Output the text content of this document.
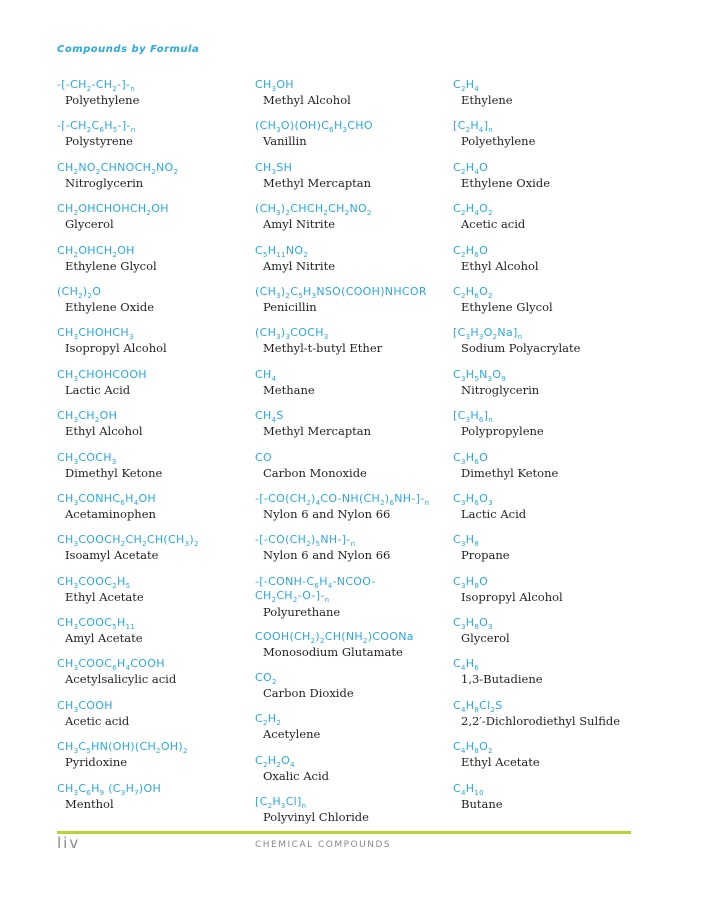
Compounds by Formula
$-[-CH_2-CH_2-]-_n$
Polyethylene
$-[-CH_2C_6H_5-]-_n$
Polystyrene
$CH_2NO_2CHNOCH_2NO_2$
Nitroglycerin
$CH_2OHCHOHCH_2OH$
Glycerol
$CH_2OHCH_2OH$
Ethylene Glycol
$(CH_2)_2O$
Ethylene Oxide
$CH_3CHOHCH_3$
Isopropyl Alcohol
$CH_3CHOHCOOH$
Lactic Acid
$CH_3CH_2OH$
Ethyl Alcohol
$CH_3COCH_3$
Dimethyl Ketone
$CH_3CONHC_6H_4OH$
Acetaminophen
$CH_3COOCH_2CH_2CH(CH_3)_2$
Isoamyl Acetate
$CH_3COOC_2H_5$
Ethyl Acetate
$CH_3COOC_5H_{11}$
Amyl Acetate
$CH_3COOC_6H_4COOH$
Acetylsalicylic acid
$CH_3COOH$
Acetic acid
$CH_3C_5HN(OH)(CH_2OH)_2$
Pyridoxine
$CH_3C_6H_9$ $(C_3H_7)OH$
Menthol
$CH_3OH$
Methyl Alcohol
$(CH_3O)(OH)C_6H_3CHO$
Vanillin
$CH_3SH$
Methyl Mercaptan
$(CH_3)_2CHCH_2CH_2NO_2$
Amyl Nitrite
$C_5H_{11}NO_2$
Amyl Nitrite
$(CH_3)_2C_5H_3NSO(COOH)NHCOR$
Penicillin
$(CH_3)_3COCH_3$
Methyl-t-butyl Ether
$CH_4$
Methane
$CH_4S$
Methyl Mercaptan
CO
Carbon Monoxide
$-[-CO(CH_2)_4CO-NH(CH_2)_6NH-]-_n$
Nylon 6 and Nylon 66
$-[-CO(CH_2)_5NH-]-_n$
Nylon 6 and Nylon 66
$-[-CONH-C_6H_4-NCOO-$
$CH_2CH_2-O-]-_n$
Polyurethane
$COOH(CH_2)_2CH(NH_2)COONa$
Monosodium Glutamate
$CO_2$
Carbon Dioxide
$C_2H_2$
Acetylene
$C_2H_2O_4$
Oxalic Acid
$[C_2H_3Cl]_n$
Polyvinyl Chloride
$C_2H_4$
Ethylene
$[C_2H_4]_n$
Polyethylene
$C_2H_4O$
Ethylene Oxide
$C_2H_4O_2$
Acetic acid
$C_2H_6O$
Ethyl Alcohol
$C_2H_6O_2$
Ethylene Glycol
$[C_3H_3O_2Na]_n$
Sodium Polyacrylate
$C_3H_5N_3O_9$
Nitroglycerin
$[C_3H_6]_n$
Polypropylene
$C_3H_6O$
Dimethyl Ketone
$C_3H_6O_3$
Lactic Acid
$C_3H_8$
Propane
$C_3H_8O$
Isopropyl Alcohol
$C_3H_8O_3$
Glycerol
$C_4H_6$
1,3-Butadiene
$C_4H_8Cl_2S$
2,2′-Dichlorodiethyl Sulfide
$C_4H_8O_2$
Ethyl Acetate
$C_4H_{10}$
Butane
liv	CHEMICAL COMPOUNDS
